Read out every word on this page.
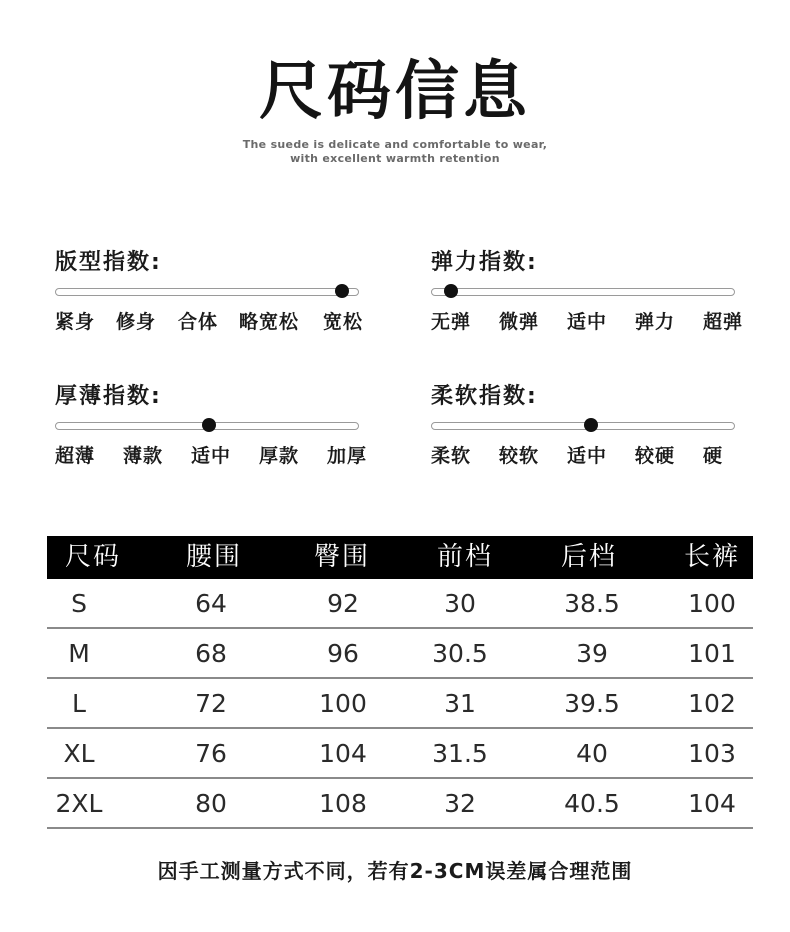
尺码信息
The suede is delicate and comfortable to wear,
with excellent warmth retention
版型指数:
紧身 修身 合体 略宽松 宽松
弹力指数:
无弹 微弹 适中 弹力 超弹
厚薄指数:
超薄 薄款 适中 厚款 加厚
柔软指数:
柔软 较软 适中 较硬 硬
尺码	腰围	臀围	前档	后档	长裤
S	64	92	30	38.5	100
M	68	96	30.5	39	101
L	72	100	31	39.5	102
XL	76	104	31.5	40	103
2XL	80	108	32	40.5	104
因手工测量方式不同，若有2-3CM误差属合理范围
